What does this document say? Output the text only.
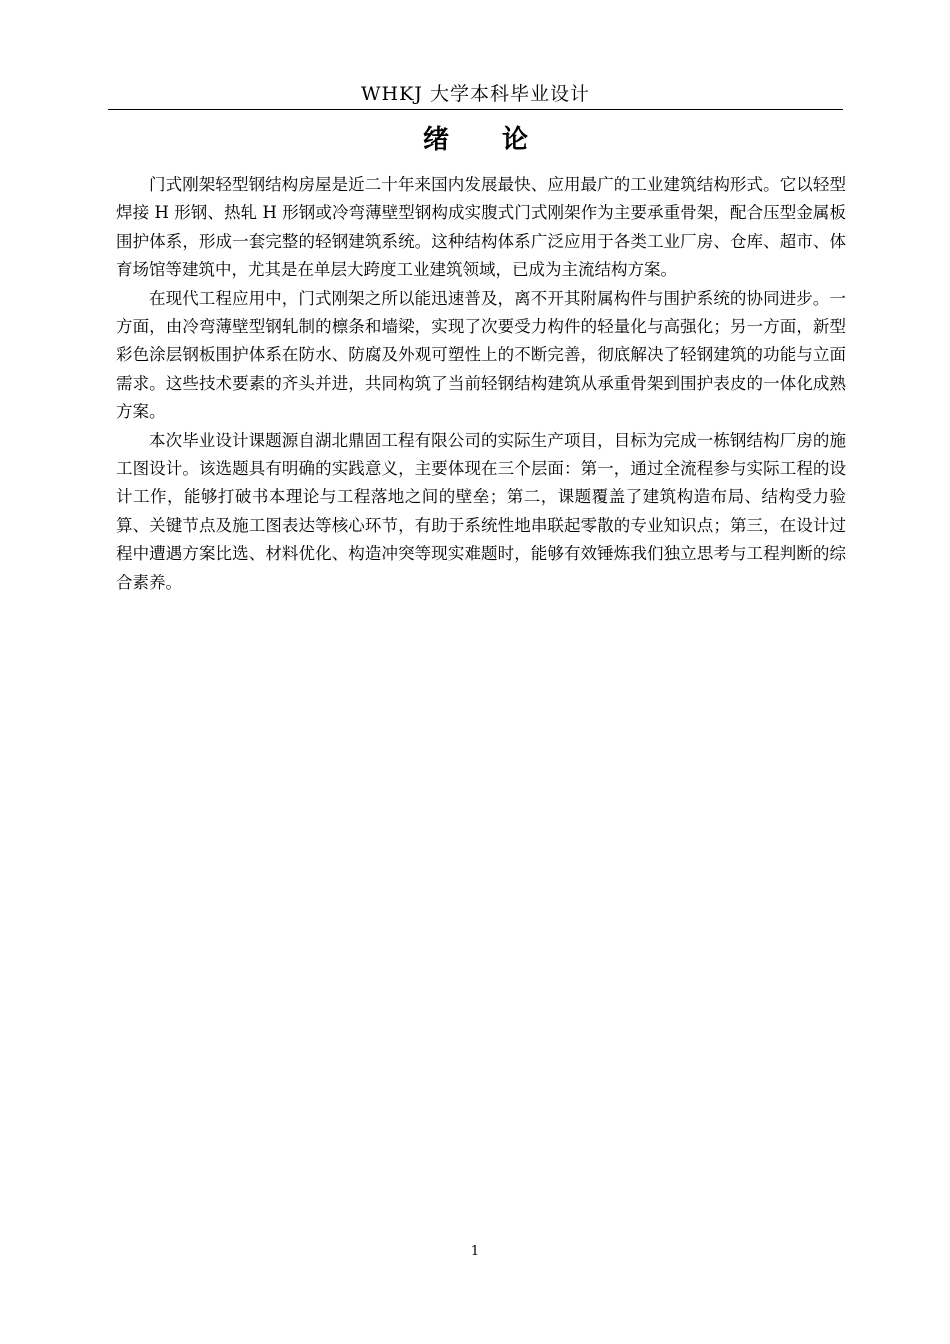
WHKJ 大学本科毕业设计
绪 论

门式刚架轻型钢结构房屋是近二十年来国内发展最快、应用最广的工业建筑结构形式。它以轻型焊接 H 形钢、热轧 H 形钢或冷弯薄壁型钢构成实腹式门式刚架作为主要承重骨架，配合压型金属板围护体系，形成一套完整的轻钢建筑系统。这种结构体系广泛应用于各类工业厂房、仓库、超市、体育场馆等建筑中，尤其是在单层大跨度工业建筑领域，已成为主流结构方案。

在现代工程应用中，门式刚架之所以能迅速普及，离不开其附属构件与围护系统的协同进步。一方面，由冷弯薄壁型钢轧制的檩条和墙梁，实现了次要受力构件的轻量化与高强化；另一方面，新型彩色涂层钢板围护体系在防水、防腐及外观可塑性上的不断完善，彻底解决了轻钢建筑的功能与立面需求。这些技术要素的齐头并进，共同构筑了当前轻钢结构建筑从承重骨架到围护表皮的一体化成熟方案。

本次毕业设计课题源自湖北鼎固工程有限公司的实际生产项目，目标为完成一栋钢结构厂房的施工图设计。该选题具有明确的实践意义，主要体现在三个层面：第一，通过全流程参与实际工程的设计工作，能够打破书本理论与工程落地之间的壁垒；第二，课题覆盖了建筑构造布局、结构受力验算、关键节点及施工图表达等核心环节，有助于系统性地串联起零散的专业知识点；第三，在设计过程中遭遇方案比选、材料优化、构造冲突等现实难题时，能够有效锤炼我们独立思考与工程判断的综合素养。

1
